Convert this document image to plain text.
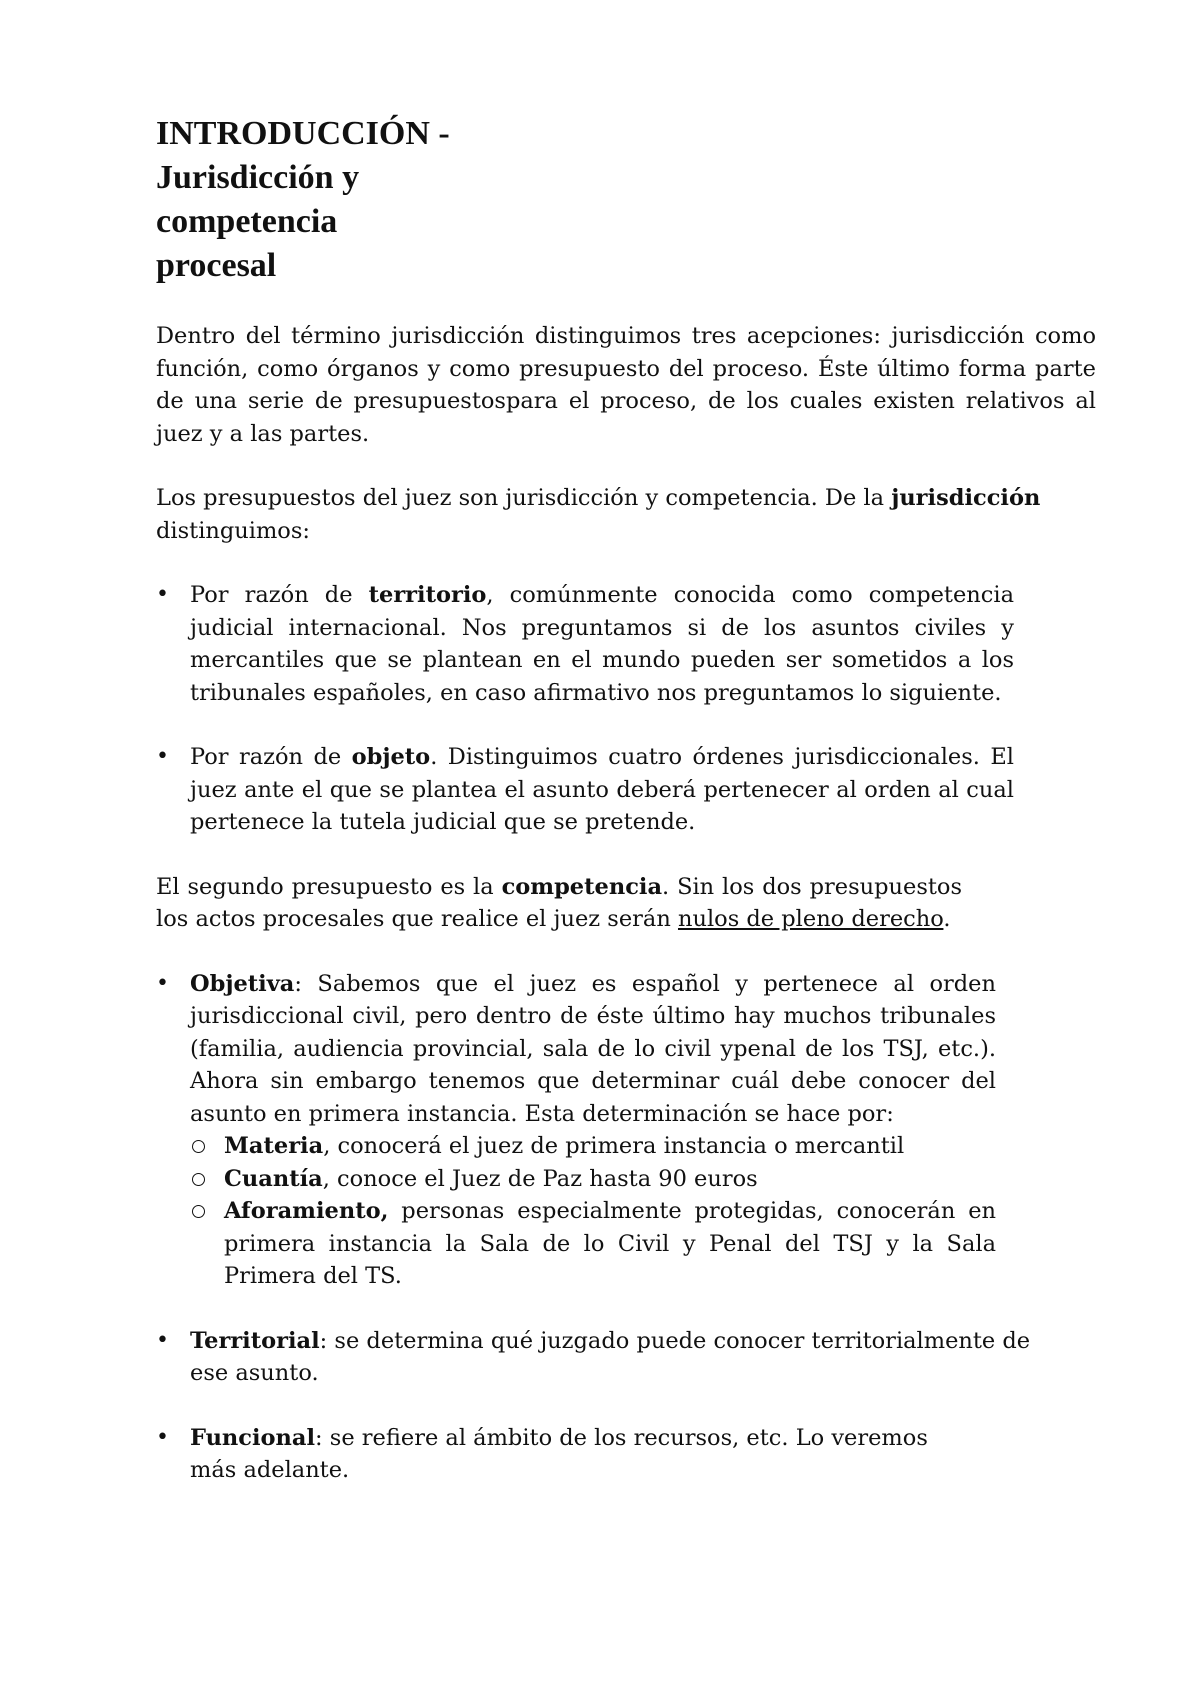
INTRODUCCIÓN -
Jurisdicción y
competencia
procesal

Dentro del término jurisdicción distinguimos tres acepciones: jurisdicción como función, como órganos y como presupuesto del proceso. Éste último forma parte de una serie de presupuestospara el proceso, de los cuales existen relativos al juez y a las partes.

Los presupuestos del juez son jurisdicción y competencia. De la jurisdicción distinguimos:

• Por razón de territorio, comúnmente conocida como competencia judicial internacional. Nos preguntamos si de los asuntos civiles y mercantiles que se plantean en el mundo pueden ser sometidos a los tribunales españoles, en caso afirmativo nos preguntamos lo siguiente.
• Por razón de objeto. Distinguimos cuatro órdenes jurisdiccionales. El juez ante el que se plantea el asunto deberá pertenecer al orden al cual pertenece la tutela judicial que se pretende.

El segundo presupuesto es la competencia. Sin los dos presupuestos los actos procesales que realice el juez serán nulos de pleno derecho.

• Objetiva: Sabemos que el juez es español y pertenece al orden jurisdiccional civil, pero dentro de éste último hay muchos tribunales (familia, audiencia provincial, sala de lo civil ypenal de los TSJ, etc.). Ahora sin embargo tenemos que determinar cuál debe conocer del asunto en primera instancia. Esta determinación se hace por:
Materia, conocerá el juez de primera instancia o mercantil
Cuantía, conoce el Juez de Paz hasta 90 euros
Aforamiento, personas especialmente protegidas, conocerán en primera instancia la Sala de lo Civil y Penal del TSJ y la Sala Primera del TS.
• Territorial: se determina qué juzgado puede conocer territorialmente de ese asunto.
• Funcional: se refiere al ámbito de los recursos, etc. Lo veremos más adelante.
